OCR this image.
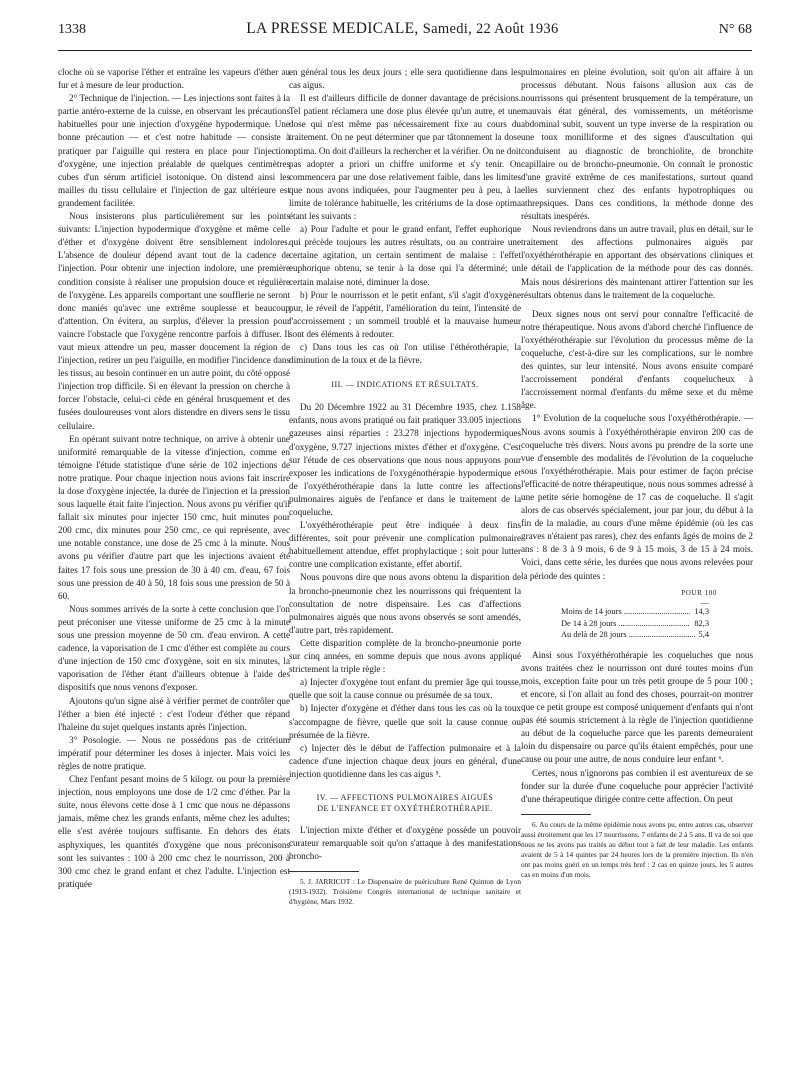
1338	LA PRESSE MEDICALE, Samedi, 22 Août 1936	N° 68

cloche où se vaporise l'éther et entraîne les vapeurs d'éther au fur et à mesure de leur production.

2° Technique de l'injection. — Les injections sont faites à la partie antéro-externe de la cuisse, en observant les précautions habituelles pour une injection d'oxygène hypodermique. Une bonne précaution — et c'est notre habitude — consiste à pratiquer par l'aiguille qui restera en place pour l'injection d'oxygène, une injection préalable de quelques centimètres cubes d'un sérum artificiel isotonique. On distend ainsi les mailles du tissu cellulaire et l'injection de gaz ultérieure est grandement facilitée.

Nous insisterons plus particulièrement sur les points suivants: L'injection hypodermique d'oxygène et même celle d'éther et d'oxygène doivent être sensiblement indolores. L'absence de douleur dépend avant tout de la cadence de l'injection. Pour obtenir une injection indolore, une première condition consiste à réaliser une propulsion douce et régulière de l'oxygène. Les appareils comportant une soufflerie ne seront donc maniés qu'avec une extrême souplesse et beaucoup d'attention. On évitera, au surplus, d'élever la pression pour vaincre l'obstacle que l'oxygène rencontre parfois à diffuser. Il vaut mieux attendre un peu, masser doucement la région de l'injection, retirer un peu l'aiguille, en modifier l'incidence dans les tissus, au besoin continuer en un autre point, du côté opposé l'injection trop difficile. Si en élevant la pression on cherche à forcer l'obstacle, celui-ci cède en général brusquement et des fusées douloureuses vont alors distendre en divers sens le tissu cellulaire.

En opérant suivant notre technique, on arrive à obtenir une uniformité remarquable de la vitesse d'injection, comme en témoigne l'étude statistique d'une série de 102 injections de notre pratique. Pour chaque injection nous avions fait inscrire la dose d'oxygène injectée, la durée de l'injection et la pression sous laquelle était faite l'injection. Nous avons pu vérifier qu'il fallait six minutes pour injecter 150 cmc, huit minutes pour 200 cmc, dix minutes pour 250 cmc, ce qui représente, avec une notable constance, une dose de 25 cmc à la minute. Nous avons pu vérifier d'autre part que les injections avaient été faites 17 fois sous une pression de 30 à 40 cm. d'eau, 67 fois sous une pression de 40 à 50, 18 fois sous une pression de 50 à 60.

Nous sommes arrivés de la sorte à cette conclusion que l'on peut préconiser une vitesse uniforme de 25 cmc à la minute sous une pression moyenne de 50 cm. d'eau environ. A cette cadence, la vaporisation de 1 cmc d'éther est complète au cours d'une injection de 150 cmc d'oxygène, soit en six minutes, la vaporisation de l'éther étant d'ailleurs obtenue à l'aide des dispositifs que nous venons d'exposer.

Ajoutons qu'un signe aisé à vérifier permet de contrôler que l'éther a bien été injecté : c'est l'odeur d'éther que répand l'haleine du sujet quelques instants après l'injection.

3° Posologie. — Nous ne possédons pas de critérium impératif pour déterminer les doses à injecter. Mais voici les règles de notre pratique.

Chez l'enfant pesant moins de 5 kilogr. ou pour la première injection, nous employons une dose de 1/2 cmc d'éther. Par la suite, nous élevons cette dose à 1 cmc que nous ne dépassons jamais, même chez les grands enfants, même chez les adultes; elle s'est avérée toujours suffisante. En dehors des états asphyxiques, les quantités d'oxygène que nous préconisons sont les suivantes : 100 à 200 cmc chez le nourrisson, 200 à 300 cmc chez le grand enfant et chez l'adulte. L'injection est pratiquée

en général tous les deux jours ; elle sera quotidienne dans les cas aigus.

Il est d'ailleurs difficile de donner davantage de précisions. Tel patient réclamera une dose plus élevée qu'un autre, et une dose qui n'est même pas nécessairement fixe au cours du traitement. On ne peut déterminer que par tâtonnement la dose optima. On doit d'ailleurs la rechercher et la vérifier. On ne doit pas adopter a priori un chiffre uniforme et s'y tenir. On commencera par une dose relativement faible, dans les limites que nous avons indiquées, pour l'augmenter peu à peu, à la limite de tolérance habituelle, les critériums de la dose optima étant les suivants :

a) Pour l'adulte et pour le grand enfant, l'effet euphorique qui précède toujours les autres résultats, ou au contraire une certaine agitation, un certain sentiment de malaise : l'effet euphorique obtenu, se tenir à la dose qui l'a déterminé; un certain malaise noté, diminuer la dose.

b) Pour le nourrisson et le petit enfant, s'il s'agit d'oxygène pur, le réveil de l'appétit, l'amélioration du teint, l'intensité de l'accroissement ; un sommeil troublé et la mauvaise humeur sont des éléments à redouter.

c) Dans tous les cas où l'on utilise l'éthérothérapie, la diminution de la toux et de la fièvre.

III. — INDICATIONS ET RÉSULTATS.

Du 20 Décembre 1922 au 31 Décembre 1935, chez 1.158 enfants, nous avons pratiqué ou fait pratiquer 33.005 injections gazeuses ainsi réparties : 23.278 injections hypodermiques d'oxygène, 9.727 injections mixtes d'éther et d'oxygène. C'est sur l'étude de ces observations que nous nous appuyons pour exposer les indications de l'oxygénothérapie hypodermique et de l'oxyéthérothérapie dans la lutte contre les affections pulmonaires aiguës de l'enfance et dans le traitement de la coqueluche.

L'oxyéthérothérapie peut être indiquée à deux fins différentes, soit pour prévenir une complication pulmonaire habituellement attendue, effet prophylactique ; soit pour lutter contre une complication existante, effet abortif.

Nous pouvons dire que nous avons obtenu la disparition de la broncho-pneumonie chez les nourrissons qui fréquentent la consultation de notre dispensaire. Les cas d'affections pulmonaires aiguës que nous avons observés se sont amendés, d'autre part, très rapidement.

Cette disparition complète de la broncho-pneumonie porte sur cinq années, en somme depuis que nous avons appliqué strictement la triple règle :

a) Injecter d'oxygène tout enfant du premier âge qui tousse, quelle que soit la cause connue ou présumée de sa toux.

b) Injecter d'oxygène et d'éther dans tous les cas où la toux s'accompagne de fièvre, quelle que soit la cause connue ou présumée de la fièvre.

c) Injecter dès le début de l'affection pulmonaire et à la cadence d'une injection chaque deux jours en général, d'une injection quotidienne dans les cas aigus ⁵.

IV. — AFFECTIONS PULMONAIRES AIGUËS
DE L'ENFANCE ET OXYÉTHÉROTHÉRAPIE.

L'injection mixte d'éther et d'oxygène possède un pouvoir curateur remarquable soit qu'on s'attaque à des manifestations broncho-

5. J. JARRICOT : Le Dispensaire de puériculture René Quinton de Lyon (1913-1932). Troisième Congrès international de technique sanitaire et d'hygiène, Mars 1932.

pulmonaires en pleine évolution, soit qu'on ait affaire à un processus débutant. Nous faisons allusion aux cas de nourrissons qui présentent brusquement de la température, un mauvais état général, des vomissements, un météorisme abdominal subit, souvent un type inverse de la respiration ou une toux monilliforme et des signes d'auscultation qui conduisent au diagnostic de bronchiolite, de bronchite capillaire ou de broncho-pneumonie. On connaît le pronostic d'une gravité extrême de ces manifestations, surtout quand elles surviennent chez des enfants hypotrophiques ou athrepsiques. Dans ces conditions, la méthode donne des résultats inespérés.

Nous reviendrons dans un autre travail, plus en détail, sur le traitement des affections pulmonaires aiguës par l'oxyéthérothérapie en apportant des observations cliniques et le détail de l'application de la méthode pour des cas donnés. Mais nous désirerions dès maintenant attirer l'attention sur les résultats obtenus dans le traitement de la coqueluche.

Deux signes nous ont servi pour connaître l'efficacité de notre thérapeutique. Nous avons d'abord cherché l'influence de l'oxyéthérothérapie sur l'évolution du processus même de la coqueluche, c'est-à-dire sur les complications, sur le nombre des quintes, sur leur intensité. Nous avons ensuite comparé l'accroissement pondéral d'enfants coquelucheux à l'accroissement normal d'enfants du même sexe et du même âge.

1° Evolution de la coqueluche sous l'oxyéthérothérapie. — Nous avons soumis à l'oxyéthérothérapie environ 200 cas de coqueluche très divers. Nous avons pu prendre de la sorte une vue d'ensemble des modalités de l'évolution de la coqueluche sous l'oxyéthérothérapie. Mais pour estimer de façon précise l'efficacité de notre thérapeutique, nous nous sommes adressé à une petite série homogène de 17 cas de coqueluche. Il s'agit alors de cas observés spécialement, jour par jour, du début à la fin de la maladie, au cours d'une même épidémie (où les cas graves n'étaient pas rares), chez des enfants âgés de moins de 2 ans : 8 de 3 à 9 mois, 6 de 9 à 15 mois, 3 de 15 à 24 mois. Voici, dans cette série, les durées que nous avons relevées pour la période des quintes :

POUR 100
—
Moins de 14 jours .....	14,3
De 14 à 28 jours .....	82,3
Au delà de 28 jours .....	5,4

Ainsi sous l'oxyéthérothérapie les coqueluches que nous avons traitées chez le nourrisson ont duré toutes moins d'un mois, exception faite pour un très petit groupe de 5 pour 100 ; et encore, si l'on allait au fond des choses, pourrait-on montrer que ce petit groupe est composé uniquement d'enfants qui n'ont pas été soumis strictement à la règle de l'injection quotidienne au début de la coqueluche parce que les parents demeuraient loin du dispensaire ou parce qu'ils étaient empêchés, pour une cause ou pour une autre, de nous conduire leur enfant ⁶.

Certes, nous n'ignorons pas combien il est aventureux de se fonder sur la durée d'une coqueluche pour apprécier l'activité d'une thérapeutique dirigée contre cette affection. On peut

6. Au cours de la même épidémie nous avons pu, entre autres cas, observer aussi étroitement que les 17 nourrissons, 7 enfants de 2 à 5 ans. Il va de soi que nous ne les avons pas traités au début tout à fait de leur maladie. Les enfants avaient de 5 à 14 quintes par 24 heures lors de la première injection. Ils n'en ont pas moins guéri en un temps très bref : 2 cas en quinze jours, les 5 autres cas en moins d'un mois.
